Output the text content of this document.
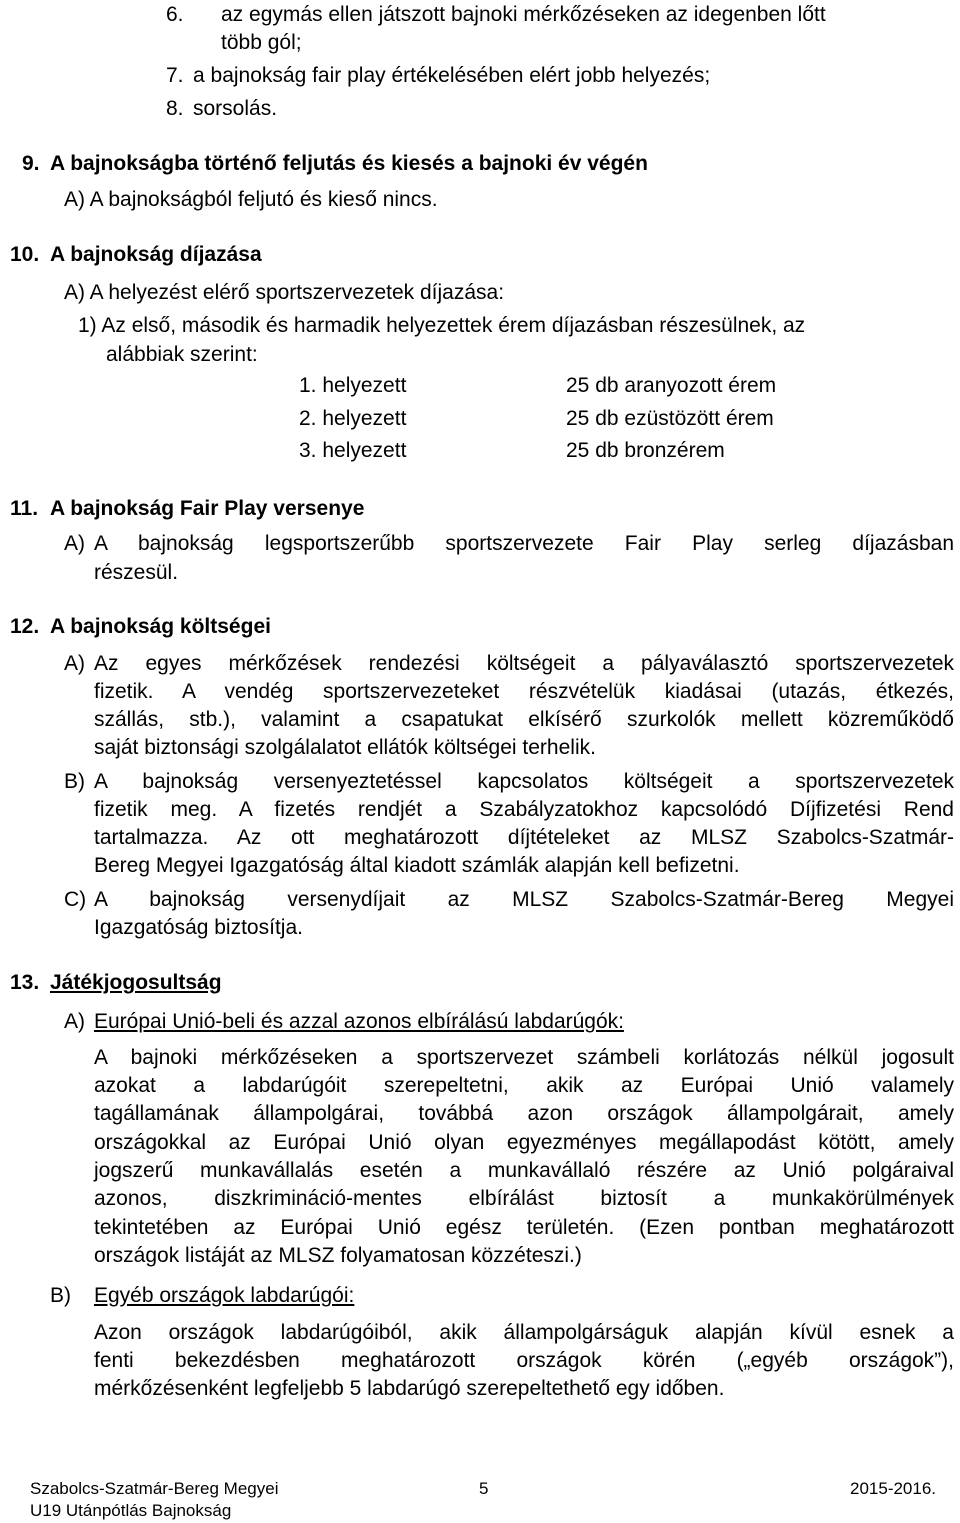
6. az egymás ellen játszott bajnoki mérkőzéseken az idegenben lőtt
több gól;
7. a bajnokság fair play értékelésében elért jobb helyezés;
8. sorsolás.
9. A bajnokságba történő feljutás és kiesés a bajnoki év végén
A) A bajnokságból feljutó és kieső nincs.
10. A bajnokság díjazása
A) A helyezést elérő sportszervezetek díjazása:
1) Az első, második és harmadik helyezettek érem díjazásban részesülnek, az
alábbiak szerint:
1. helyezett	25 db aranyozott érem
2. helyezett	25 db ezüstözött érem
3. helyezett	25 db bronzérem
11. A bajnokság Fair Play versenye
A) A bajnokság legsportszerűbb sportszervezete Fair Play serleg díjazásban
részesül.
12. A bajnokság költségei
A) Az egyes mérkőzések rendezési költségeit a pályaválasztó sportszervezetek
fizetik. A vendég sportszervezeteket részvételük kiadásai (utazás, étkezés,
szállás, stb.), valamint a csapatukat elkísérő szurkolók mellett közreműködő
saját biztonsági szolgálalatot ellátók költségei terhelik.
B) A bajnokság versenyeztetéssel kapcsolatos költségeit a sportszervezetek
fizetik meg. A fizetés rendjét a Szabályzatokhoz kapcsolódó Díjfizetési Rend
tartalmazza. Az ott meghatározott díjtételeket az MLSZ Szabolcs-Szatmár-
Bereg Megyei Igazgatóság által kiadott számlák alapján kell befizetni.
C) A bajnokság versenydíjait az MLSZ Szabolcs-Szatmár-Bereg Megyei
Igazgatóság biztosítja.
13. Játékjogosultság
A) Európai Unió-beli és azzal azonos elbírálású labdarúgók:
A bajnoki mérkőzéseken a sportszervezet számbeli korlátozás nélkül jogosult
azokat a labdarúgóit szerepeltetni, akik az Európai Unió valamely
tagállamának állampolgárai, továbbá azon országok állampolgárait, amely
országokkal az Európai Unió olyan egyezményes megállapodást kötött, amely
jogszerű munkavállalás esetén a munkavállaló részére az Unió polgáraival
azonos, diszkrimináció-mentes elbírálást biztosít a munkakörülmények
tekintetében az Európai Unió egész területén. (Ezen pontban meghatározott
országok listáját az MLSZ folyamatosan közzéteszi.)
B) Egyéb országok labdarúgói:
Azon országok labdarúgóiból, akik állampolgárságuk alapján kívül esnek a
fenti bekezdésben meghatározott országok körén („egyéb országok”),
mérkőzésenként legfeljebb 5 labdarúgó szerepeltethető egy időben.
Szabolcs-Szatmár-Bereg Megyei
U19 Utánpótlás Bajnokság
5	2015-2016.
